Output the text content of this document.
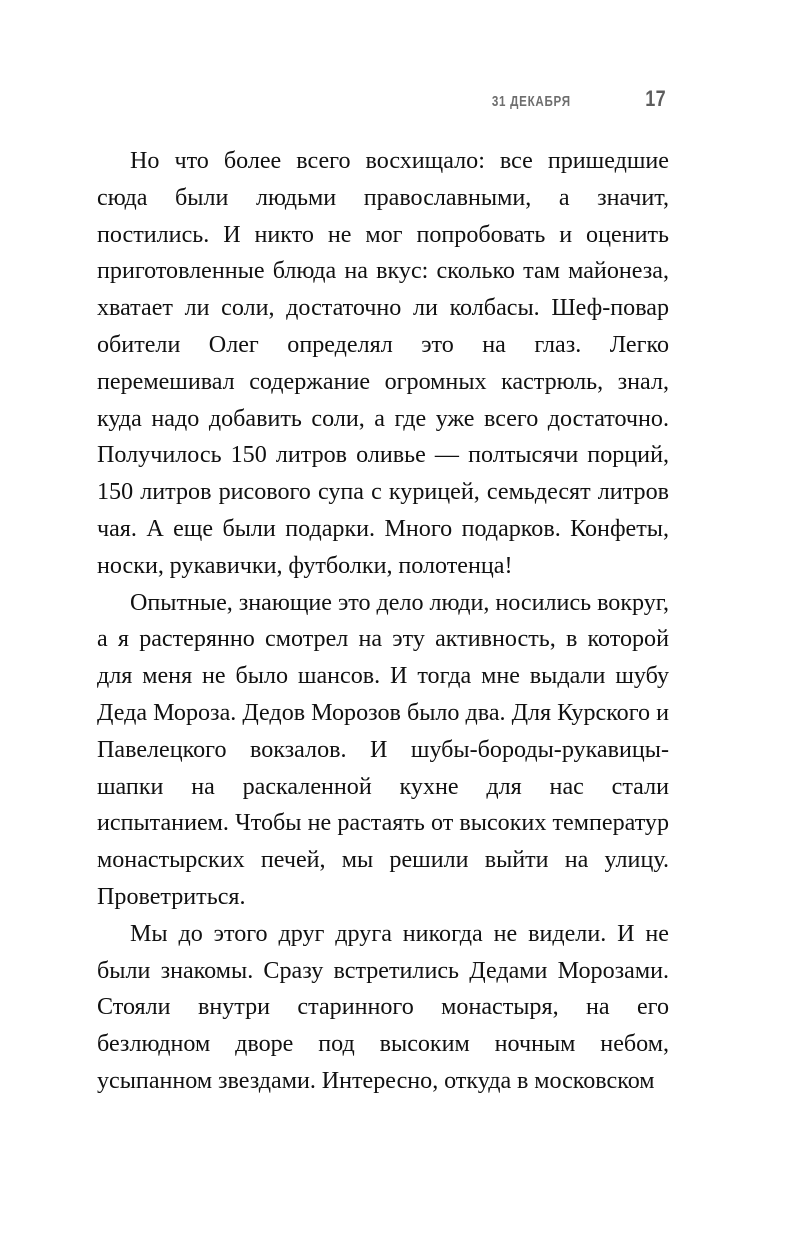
31 ДЕКАБРЯ	17

Но что более всего восхищало: все пришедшие сюда были людьми православными, а значит, постились. И никто не мог попробовать и оценить приготовленные блюда на вкус: сколько там майонеза, хватает ли соли, достаточно ли колбасы. Шеф-повар обители Олег определял это на глаз. Легко перемешивал содержание огромных кастрюль, знал, куда надо добавить соли, а где уже всего достаточно. Получилось 150 литров оливье — полтысячи порций, 150 литров рисового супа с курицей, семьдесят литров чая. А еще были подарки. Много подарков. Конфеты, носки, рукавички, футболки, полотенца!

Опытные, знающие это дело люди, носились вокруг, а я растерянно смотрел на эту активность, в которой для меня не было шансов. И тогда мне выдали шубу Деда Мороза. Дедов Морозов было два. Для Курского и Павелецкого вокзалов. И шубы-бороды-рукавицы-шапки на раскаленной кухне для нас стали испытанием. Чтобы не растаять от высоких температур монастырских печей, мы решили выйти на улицу. Проветриться.

Мы до этого друг друга никогда не видели. И не были знакомы. Сразу встретились Дедами Морозами. Стояли внутри старинного монастыря, на его безлюдном дворе под высоким ночным небом, усыпанном звездами. Интересно, откуда в московском
